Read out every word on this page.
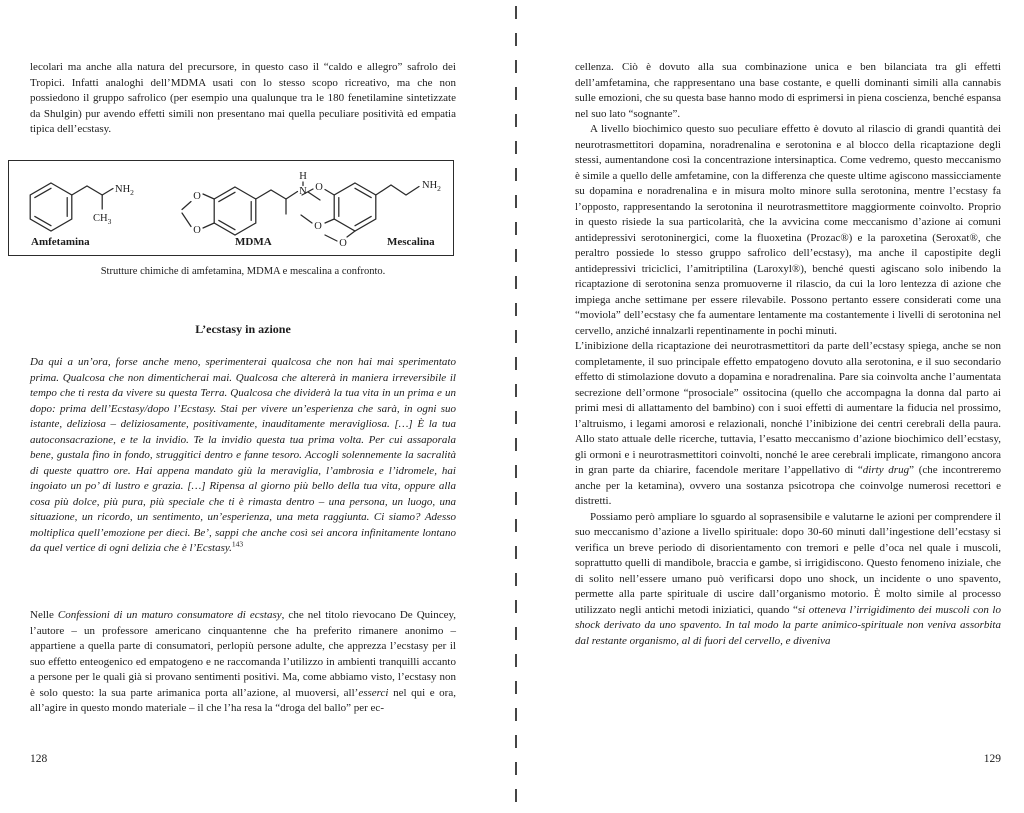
lecolari ma anche alla natura del precursore, in questo caso il “caldo e allegro” safrolo dei Tropici. Infatti analoghi dell’MDMA usati con lo stesso scopo ricreativo, ma che non possiedono il gruppo safrolico (per esempio una qualunque tra le 180 fenetilamine sintetizzate da Shulgin) pur avendo effetti simili non presentano mai quella peculiare positività ed empatia tipica dell’ecstasy.

$NH_2$
$CH_3$
O
O
N
H
O
O
O
$NH_2$
Amfetamina	MDMA	Mescalina
Strutture chimiche di amfetamina, MDMA e mescalina a confronto.
L’ecstasy in azione
Da qui a un’ora, forse anche meno, sperimenterai qualcosa che non hai mai sperimentato prima. Qualcosa che non dimenticherai mai. Qualcosa che altererà in maniera irreversibile il tempo che ti resta da vivere su questa Terra. Qualcosa che dividerà la tua vita in un prima e un dopo: prima dell’Ecstasy/dopo l’Ecstasy. Stai per vivere un’esperienza che sarà, in ogni suo istante, deliziosa – deliziosamente, positivamente, inauditamente meravigliosa. […] È la tua autoconsacrazione, e te la invidio. Te la invidio questa tua prima volta. Per cui assaporala bene, gustala fino in fondo, struggitici dentro e fanne tesoro. Accogli solennemente la sacralità di queste quattro ore. Hai appena mandato giù la meraviglia, l’ambrosia e l’idromele, hai ingoiato un po’ di lustro e grazia. […] Ripensa al giorno più bello della tua vita, oppure alla cosa più dolce, più pura, più speciale che ti è rimasta dentro – una persona, un luogo, una situazione, un ricordo, un sentimento, un’esperienza, una meta raggiunta. Ci siamo? Adesso moltiplica quell’emozione per dieci. Be’, sappi che anche così sei ancora infinitamente lontano da quel vertice di ogni delizia che è l’Ecstasy.$^{143}$

Nelle Confessioni di un maturo consumatore di ecstasy, che nel titolo rievocano De Quincey, l’autore – un professore americano cinquantenne che ha preferito rimanere anonimo – appartiene a quella parte di consumatori, perlopiù persone adulte, che apprezza l’ecstasy per il suo effetto enteogenico ed empatogeno e ne raccomanda l’utilizzo in ambienti tranquilli accanto a persone per le quali già si provano sentimenti positivi. Ma, come abbiamo visto, l’ecstasy non è solo questo: la sua parte arimanica porta all’azione, al muoversi, all’esserci nel qui e ora, all’agire in questo mondo materiale – il che l’ha resa la “droga del ballo” per ec-

128

cellenza. Ciò è dovuto alla sua combinazione unica e ben bilanciata tra gli effetti dell’amfetamina, che rappresentano una base costante, e quelli dominanti simili alla cannabis sulle emozioni, che su questa base hanno modo di esprimersi in piena coscienza, benché espansa nel suo lato “sognante”.

A livello biochimico questo suo peculiare effetto è dovuto al rilascio di grandi quantità dei neurotrasmettitori dopamina, noradrenalina e serotonina e al blocco della ricaptazione degli stessi, aumentandone così la concentrazione intersinaptica. Come vedremo, questo meccanismo è simile a quello delle amfetamine, con la differenza che queste ultime agiscono massicciamente su dopamina e noradrenalina e in misura molto minore sulla serotonina, mentre l’ecstasy fa l’opposto, rappresentando la serotonina il neurotrasmettitore maggiormente coinvolto. Proprio in questo risiede la sua particolarità, che la avvicina come meccanismo d’azione ai comuni antidepressivi serotoninergici, come la fluoxetina (Prozac®) e la paroxetina (Seroxat®, che peraltro possiede lo stesso gruppo safrolico dell’ecstasy), ma anche il capostipite degli antidepressivi triciclici, l’amitriptilina (Laroxyl®), benché questi agiscano solo inibendo la ricaptazione di serotonina senza promuoverne il rilascio, da cui la loro lentezza di azione che impiega anche settimane per essere rilevabile. Possono pertanto essere considerati come una “moviola” dell’ecstasy che fa aumentare lentamente ma costantemente i livelli di serotonina nel cervello, anziché innalzarli repentinamente in pochi minuti.

L’inibizione della ricaptazione dei neurotrasmettitori da parte dell’ecstasy spiega, anche se non completamente, il suo principale effetto empatogeno dovuto alla serotonina, e il suo secondario effetto di stimolazione dovuto a dopamina e noradrenalina. Pare sia coinvolta anche l’aumentata secrezione dell’ormone “prosociale” ossitocina (quello che accompagna la donna dal parto ai primi mesi di allattamento del bambino) con i suoi effetti di aumentare la fiducia nel prossimo, l’altruismo, i legami amorosi e relazionali, nonché l’inibizione dei centri cerebrali della paura. Allo stato attuale delle ricerche, tuttavia, l’esatto meccanismo d’azione biochimico dell’ecstasy, gli ormoni e i neurotrasmettitori coinvolti, nonché le aree cerebrali implicate, rimangono ancora in gran parte da chiarire, facendole meritare l’appellativo di “dirty drug” (che incontreremo anche per la ketamina), ovvero una sostanza psicotropa che coinvolge numerosi recettori e distretti.

Possiamo però ampliare lo sguardo al soprasensibile e valutarne le azioni per comprendere il suo meccanismo d’azione a livello spirituale: dopo 30-60 minuti dall’ingestione dell’ecstasy si verifica un breve periodo di disorientamento con tremori e pelle d’oca nel quale i muscoli, soprattutto quelli di mandibole, braccia e gambe, si irrigidiscono. Questo fenomeno iniziale, che di solito nell’essere umano può verificarsi dopo uno shock, un incidente o uno spavento, permette alla parte spirituale di uscire dall’organismo motorio. È molto simile al processo utilizzato negli antichi metodi iniziatici, quando “si otteneva l’irrigidimento dei muscoli con lo shock derivato da uno spavento. In tal modo la parte animico-spirituale non veniva assorbita dal restante organismo, al di fuori del cervello, e diveniva

129
